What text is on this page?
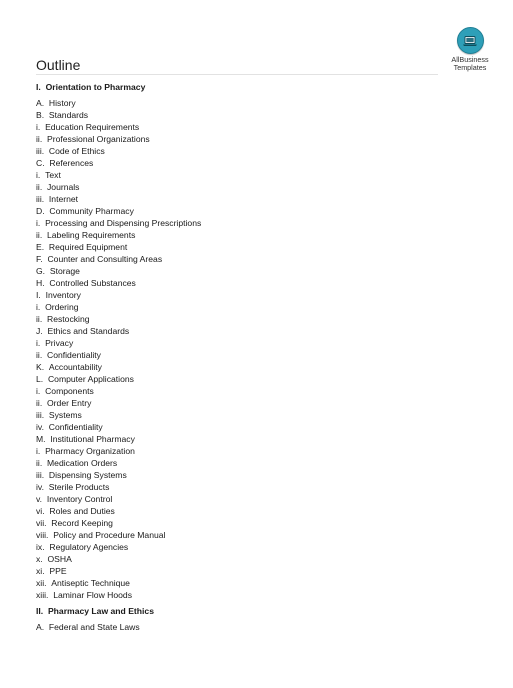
AllBusiness
Templates
Outline
I. Orientation to Pharmacy
A. History
B. Standards
i. Education Requirements
ii. Professional Organizations
iii. Code of Ethics
C. References
i. Text
ii. Journals
iii. Internet
D. Community Pharmacy
i. Processing and Dispensing Prescriptions
ii. Labeling Requirements
E. Required Equipment
F. Counter and Consulting Areas
G. Storage
H. Controlled Substances
I. Inventory
i. Ordering
ii. Restocking
J. Ethics and Standards
i. Privacy
ii. Confidentiality
K. Accountability
L. Computer Applications
i. Components
ii. Order Entry
iii. Systems
iv. Confidentiality
M. Institutional Pharmacy
i. Pharmacy Organization
ii. Medication Orders
iii. Dispensing Systems
iv. Sterile Products
v. Inventory Control
vi. Roles and Duties
vii. Record Keeping
viii. Policy and Procedure Manual
ix. Regulatory Agencies
x. OSHA
xi. PPE
xii. Antiseptic Technique
xiii. Laminar Flow Hoods
II. Pharmacy Law and Ethics
A. Federal and State Laws
